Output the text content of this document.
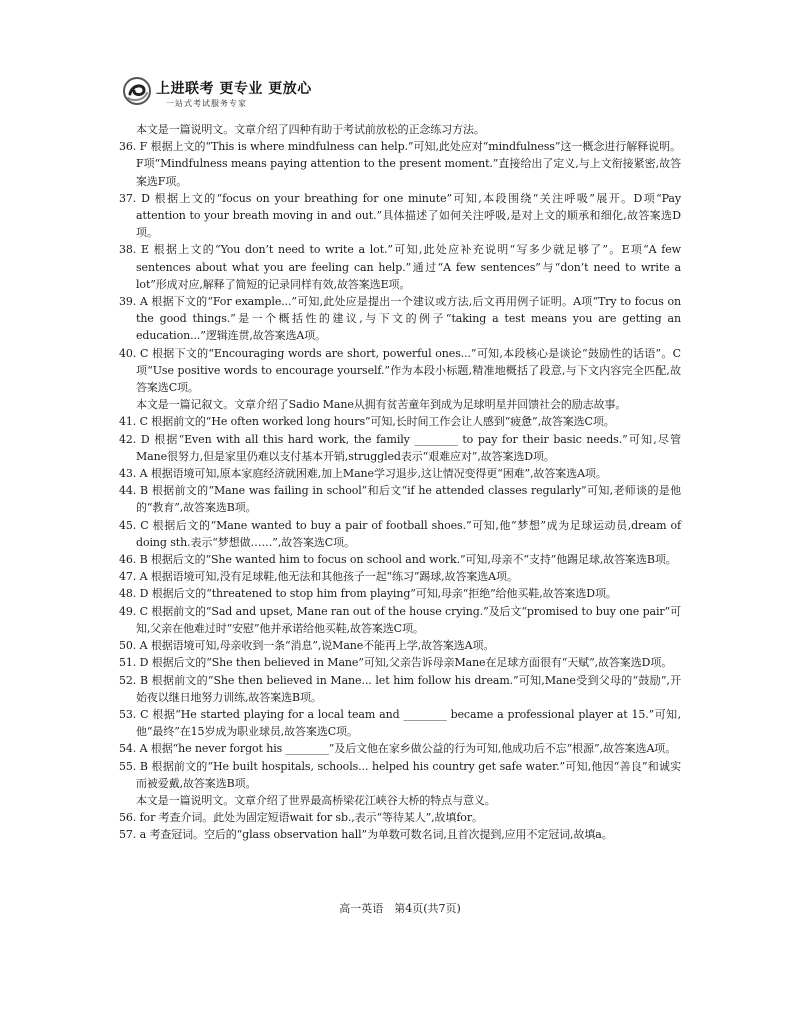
上进联考 更专业 更放心
一站式考试服务专家

本文是一篇说明文。文章介绍了四种有助于考试前放松的正念练习方法。

36. F 根据上文的“This is where mindfulness can help.”可知,此处应对“mindfulness”这一概念进行解释说明。F项“Mindfulness means paying attention to the present moment.”直接给出了定义,与上文衔接紧密,故答案选F项。

37. D 根据上文的“focus on your breathing for one minute”可知,本段围绕“关注呼吸”展开。D项“Pay attention to your breath moving in and out.”具体描述了如何关注呼吸,是对上文的顺承和细化,故答案选D项。

38. E 根据上文的“You don’t need to write a lot.”可知,此处应补充说明“写多少就足够了”。E项“A few sentences about what you are feeling can help.”通过“A few sentences”与“don’t need to write a lot”形成对应,解释了简短的记录同样有效,故答案选E项。

39. A 根据下文的“For example...”可知,此处应是提出一个建议或方法,后文再用例子证明。A项“Try to focus on the good things.”是一个概括性的建议,与下文的例子“taking a test means you are getting an education...”逻辑连贯,故答案选A项。

40. C 根据下文的“Encouraging words are short, powerful ones...”可知,本段核心是谈论“鼓励性的话语”。C项“Use positive words to encourage yourself.”作为本段小标题,精准地概括了段意,与下文内容完全匹配,故答案选C项。

本文是一篇记叙文。文章介绍了Sadio Mane从拥有贫苦童年到成为足球明星并回馈社会的励志故事。

41. C 根据前文的“He often worked long hours”可知,长时间工作会让人感到“疲惫”,故答案选C项。

42. D 根据“Even with all this hard work, the family ________ to pay for their basic needs.”可知,尽管Mane很努力,但是家里仍难以支付基本开销,struggled表示“艰难应对”,故答案选D项。

43. A 根据语境可知,原本家庭经济就困难,加上Mane学习退步,这让情况变得更“困难”,故答案选A项。

44. B 根据前文的“Mane was failing in school”和后文“if he attended classes regularly”可知,老师谈的是他的“教育”,故答案选B项。

45. C 根据后文的“Mane wanted to buy a pair of football shoes.”可知,他“梦想”成为足球运动员,dream of doing sth.表示“梦想做……”,故答案选C项。

46. B 根据后文的“She wanted him to focus on school and work.”可知,母亲不“支持”他踢足球,故答案选B项。

47. A 根据语境可知,没有足球鞋,他无法和其他孩子一起“练习”踢球,故答案选A项。

48. D 根据后文的“threatened to stop him from playing”可知,母亲“拒绝”给他买鞋,故答案选D项。

49. C 根据前文的“Sad and upset, Mane ran out of the house crying.”及后文“promised to buy one pair”可知,父亲在他难过时“安慰”他并承诺给他买鞋,故答案选C项。

50. A 根据语境可知,母亲收到一条“消息”,说Mane不能再上学,故答案选A项。

51. D 根据后文的“She then believed in Mane”可知,父亲告诉母亲Mane在足球方面很有“天赋”,故答案选D项。

52. B 根据前文的“She then believed in Mane... let him follow his dream.”可知,Mane受到父母的“鼓励”,开始夜以继日地努力训练,故答案选B项。

53. C 根据“He started playing for a local team and ________ became a professional player at 15.”可知,他“最终”在15岁成为职业球员,故答案选C项。

54. A 根据“he never forgot his ________”及后文他在家乡做公益的行为可知,他成功后不忘“根源”,故答案选A项。

55. B 根据前文的“He built hospitals, schools... helped his country get safe water.”可知,他因“善良”和诚实而被爱戴,故答案选B项。

本文是一篇说明文。文章介绍了世界最高桥梁花江峡谷大桥的特点与意义。

56. for 考查介词。此处为固定短语wait for sb.,表示“等待某人”,故填for。

57. a 考查冠词。空后的“glass observation hall”为单数可数名词,且首次提到,应用不定冠词,故填a。

高一英语　第4页(共7页)
